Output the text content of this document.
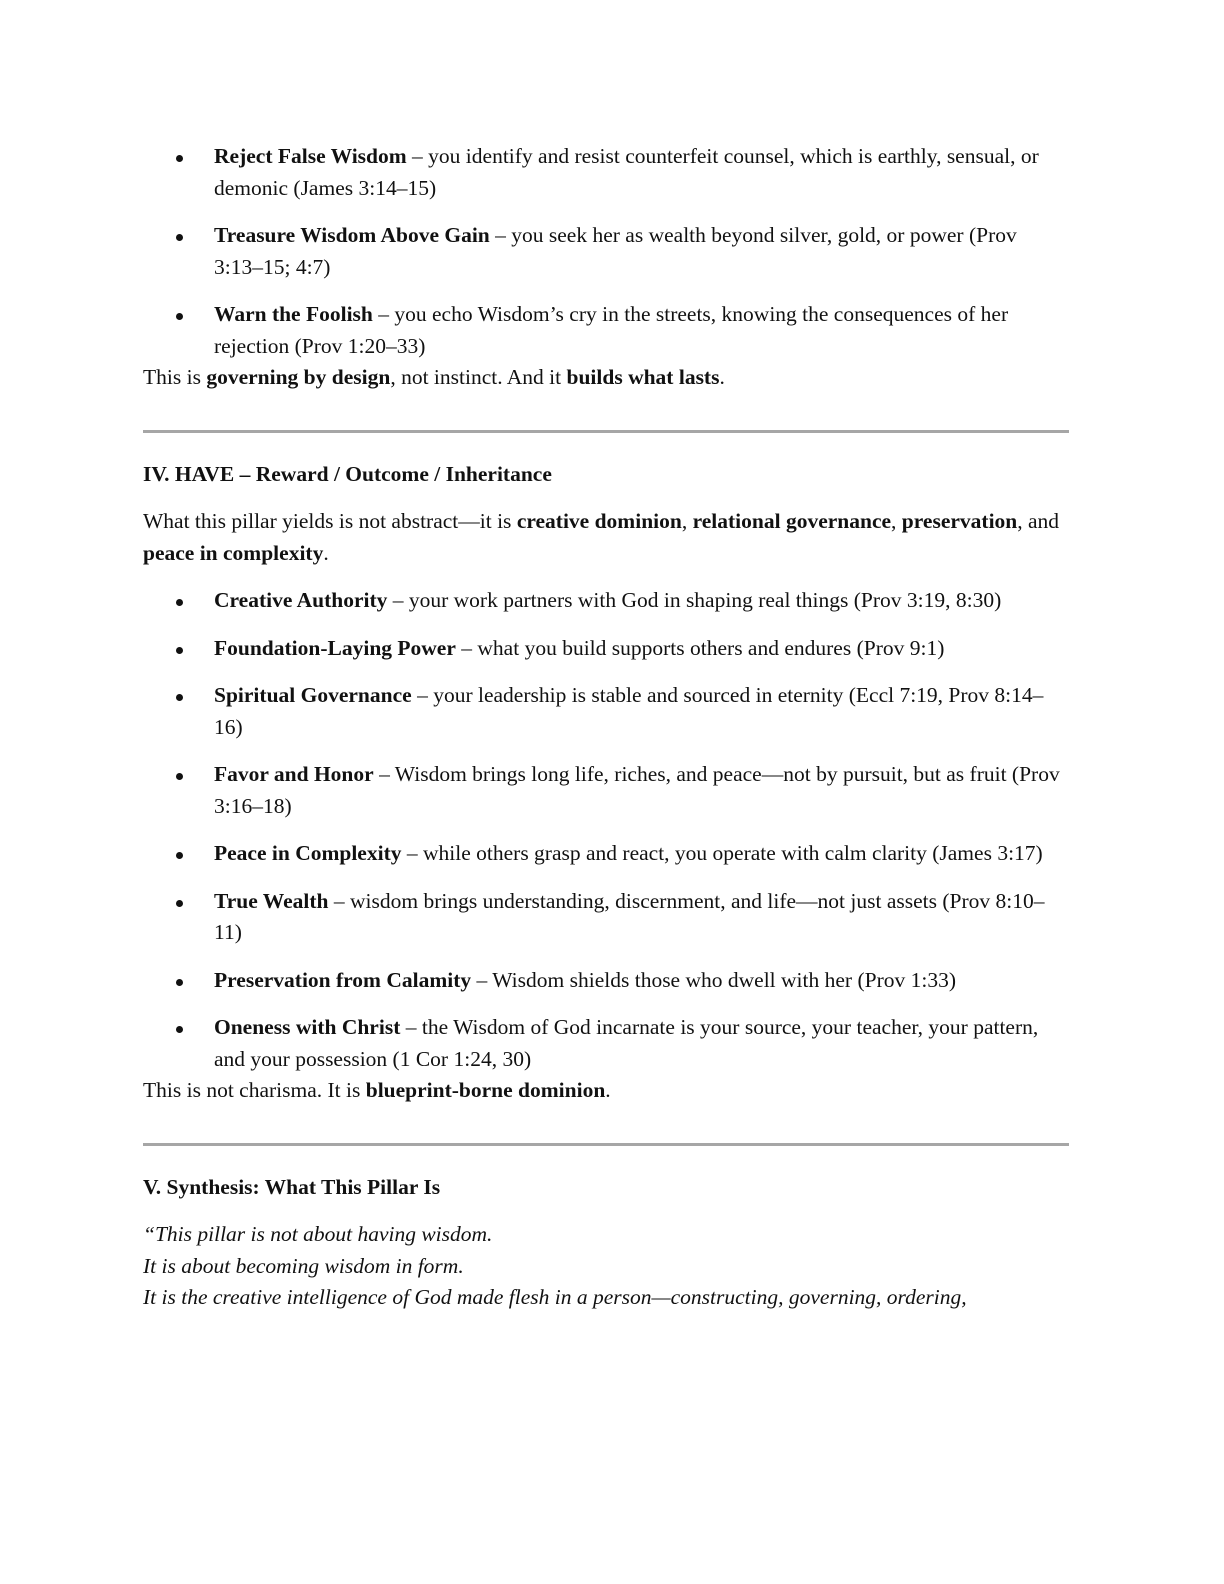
Reject False Wisdom – you identify and resist counterfeit counsel, which is earthly, sensual, or demonic (James 3:14–15)
Treasure Wisdom Above Gain – you seek her as wealth beyond silver, gold, or power (Prov 3:13–15; 4:7)
Warn the Foolish – you echo Wisdom’s cry in the streets, knowing the consequences of her rejection (Prov 1:20–33)

This is governing by design, not instinct. And it builds what lasts.

IV. HAVE – Reward / Outcome / Inheritance

What this pillar yields is not abstract—it is creative dominion, relational governance, preservation, and peace in complexity.

Creative Authority – your work partners with God in shaping real things (Prov 3:19, 8:30)
Foundation-Laying Power – what you build supports others and endures (Prov 9:1)
Spiritual Governance – your leadership is stable and sourced in eternity (Eccl 7:19, Prov 8:14–16)
Favor and Honor – Wisdom brings long life, riches, and peace—not by pursuit, but as fruit (Prov 3:16–18)
Peace in Complexity – while others grasp and react, you operate with calm clarity (James 3:17)
True Wealth – wisdom brings understanding, discernment, and life—not just assets (Prov 8:10–11)
Preservation from Calamity – Wisdom shields those who dwell with her (Prov 1:33)
Oneness with Christ – the Wisdom of God incarnate is your source, your teacher, your pattern, and your possession (1 Cor 1:24, 30)

This is not charisma. It is blueprint-borne dominion.

V. Synthesis: What This Pillar Is
“This pillar is not about having wisdom.
It is about becoming wisdom in form.
It is the creative intelligence of God made flesh in a person—constructing, governing, ordering,
